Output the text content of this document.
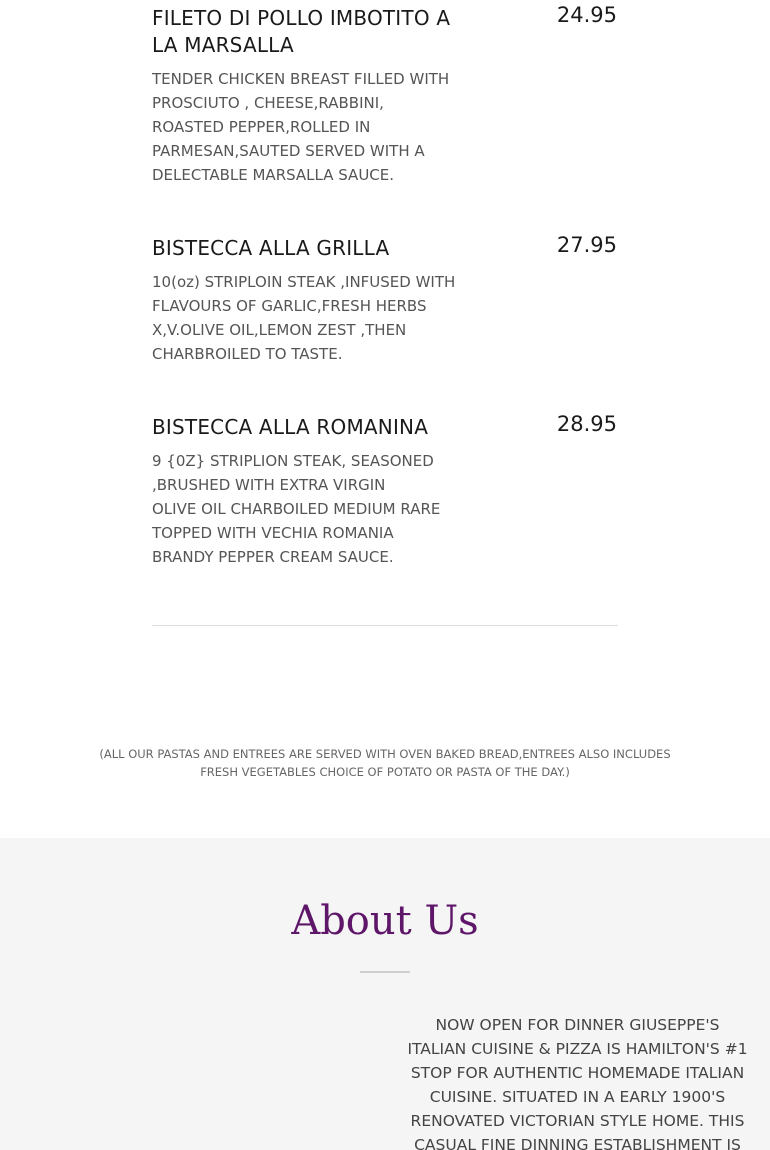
FILETO DI POLLO IMBOTITO A LA MARSALLA
24.95
TENDER CHICKEN BREAST FILLED WITH PROSCIUTO , CHEESE,RABBINI, ROASTED PEPPER,ROLLED IN PARMESAN,SAUTED SERVED WITH A DELECTABLE MARSALLA SAUCE.
BISTECCA ALLA GRILLA	27.95
10(oz) STRIPLOIN STEAK ,INFUSED WITH FLAVOURS OF GARLIC,FRESH HERBS X,V.OLIVE OIL,LEMON ZEST ,THEN CHARBROILED TO TASTE.
BISTECCA ALLA ROMANINA	28.95
9 {0Z} STRIPLION STEAK, SEASONED ,BRUSHED WITH EXTRA VIRGIN
OLIVE OIL CHARBOILED MEDIUM RARE TOPPED WITH VECHIA ROMANIA BRANDY PEPPER CREAM SAUCE.
(ALL OUR PASTAS AND ENTREES ARE SERVED WITH OVEN BAKED BREAD,ENTREES ALSO INCLUDES FRESH VEGETABLES CHOICE OF POTATO OR PASTA OF THE DAY.)
About Us
NOW OPEN FOR DINNER GIUSEPPE'S ITALIAN CUISINE & PIZZA IS HAMILTON'S #1 STOP FOR AUTHENTIC HOMEMADE ITALIAN CUISINE. SITUATED IN A EARLY 1900'S RENOVATED VICTORIAN STYLE HOME. THIS CASUAL FINE DINNING ESTABLISHMENT IS
